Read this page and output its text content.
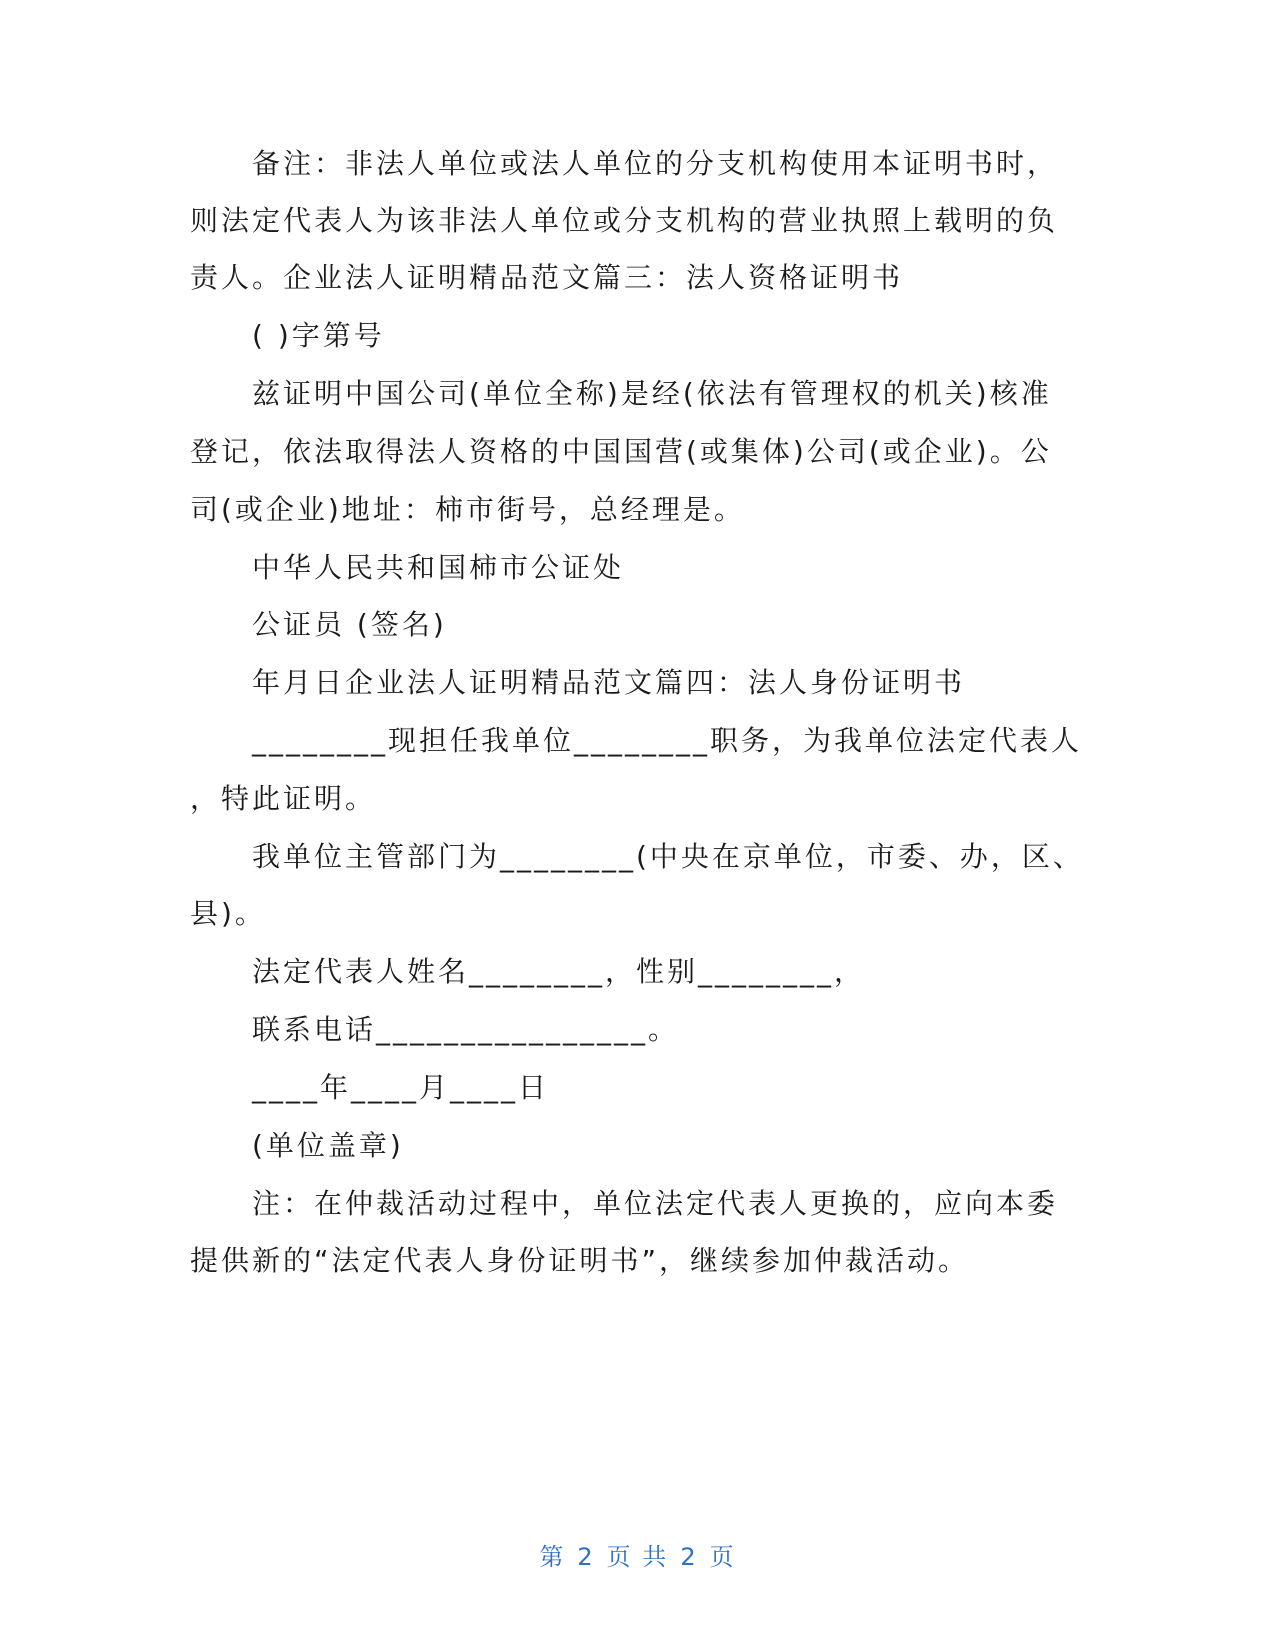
备注：非法人单位或法人单位的分支机构使用本证明书时，
则法定代表人为该非法人单位或分支机构的营业执照上载明的负
责人。企业法人证明精品范文篇三：法人资格证明书
( )字第号
兹证明中国公司(单位全称)是经(依法有管理权的机关)核准
登记，依法取得法人资格的中国国营(或集体)公司(或企业)。公
司(或企业)地址：柿市街号，总经理是。
中华人民共和国柿市公证处
公证员 (签名)
年月日企业法人证明精品范文篇四：法人身份证明书
________现担任我单位________职务，为我单位法定代表人
，特此证明。
我单位主管部门为________(中央在京单位，市委、办，区、
县)。
法定代表人姓名________，性别________，
联系电话________________。
____年____月____日
(单位盖章)
注：在仲裁活动过程中，单位法定代表人更换的，应向本委
提供新的“法定代表人身份证明书”，继续参加仲裁活动。
第 2 页 共 2 页
